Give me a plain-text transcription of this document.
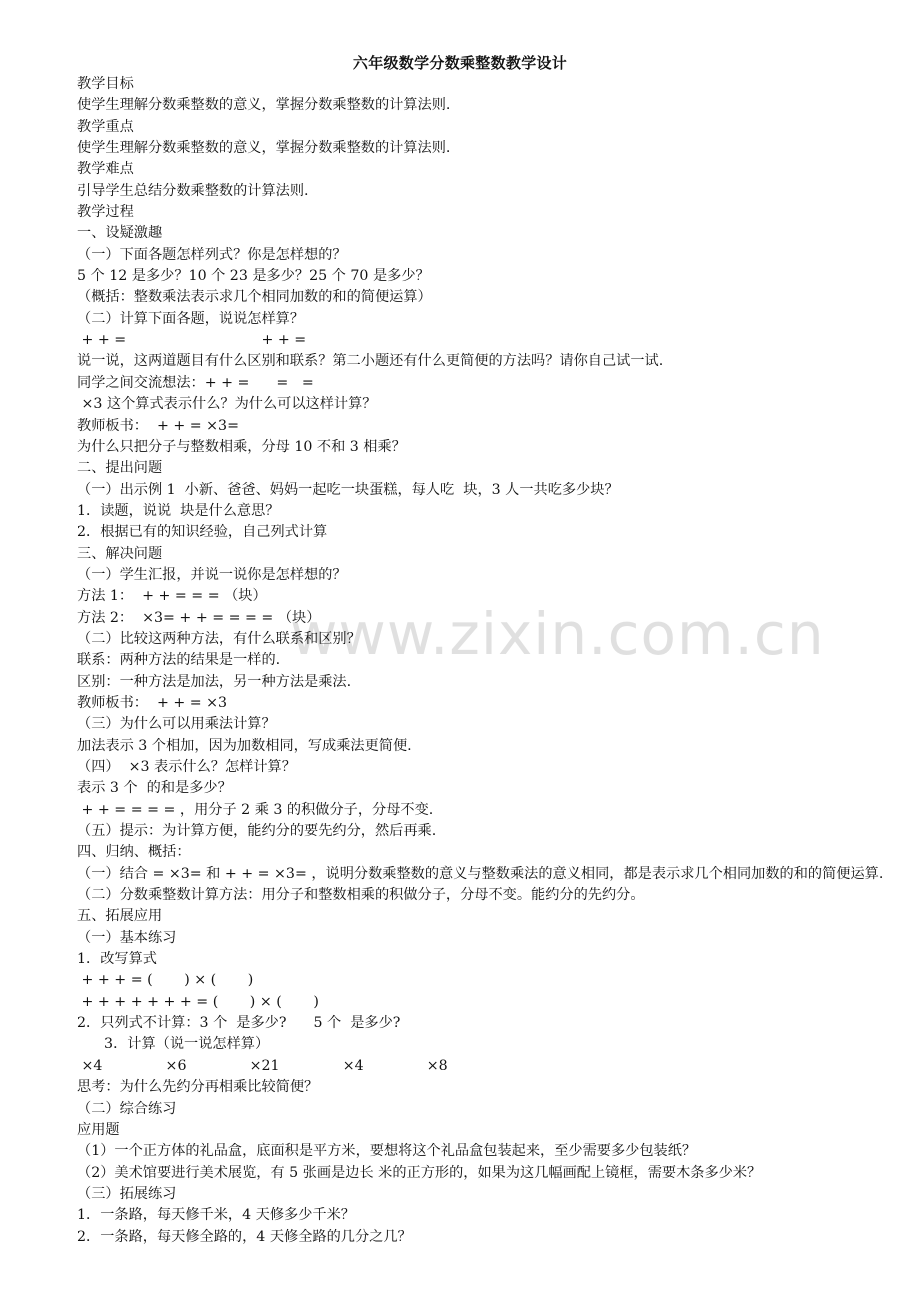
六年级数学分数乘整数教学设计
www.zixin.com.cn
教学目标
使学生理解分数乘整数的意义，掌握分数乘整数的计算法则.
教学重点
使学生理解分数乘整数的意义，掌握分数乘整数的计算法则.
教学难点
引导学生总结分数乘整数的计算法则.
教学过程
一、设疑激趣
（一）下面各题怎样列式？你是怎样想的？
5 个 12 是多少？10 个 23 是多少？25 个 70 是多少？
（概括：整数乘法表示求几个相同加数的和的简便运算）
（二）计算下面各题，说说怎样算？
+ + =                              + + =
说一说，这两道题目有什么区别和联系？第二小题还有什么更简便的方法吗？请你自己试一试.
同学之间交流想法：+ + =      =   =
×3 这个算式表示什么？为什么可以这样计算？
教师板书：  + + = ×3=
为什么只把分子与整数相乘，分母 10 不和 3 相乘？
二、提出问题
（一）出示例 1  小新、爸爸、妈妈一起吃一块蛋糕，每人吃  块，3 人一共吃多少块？
1．读题，说说  块是什么意思？
2．根据已有的知识经验，自己列式计算
三、解决问题
（一）学生汇报，并说一说你是怎样想的？
方法 1：  + + = = = （块）
方法 2：  ×3= + + = = = = （块）
（二）比较这两种方法，有什么联系和区别？
联系：两种方法的结果是一样的.
区别：一种方法是加法，另一种方法是乘法.
教师板书：  + + = ×3
（三）为什么可以用乘法计算？
加法表示 3 个相加，因为加数相同，写成乘法更简便.
（四）  ×3 表示什么？怎样计算？
表示 3 个  的和是多少？
+ + = = = = ，用分子 2 乘 3 的积做分子，分母不变.
（五）提示：为计算方便，能约分的要先约分，然后再乘.
四、归纳、概括：
（一）结合 = ×3= 和 + + = ×3= ，说明分数乘整数的意义与整数乘法的意义相同，都是表示求几个相同加数的和的简便运算.
（二）分数乘整数计算方法：用分子和整数相乘的积做分子，分母不变。能约分的先约分。
五、拓展应用
（一）基本练习
1．改写算式
+ + + = (       ) × (       )
+ + + + + + + = (       ) × (       )
2．只列式不计算：3 个  是多少?      5 个  是多少?
3．计算（说一说怎样算）
×4              ×6              ×21              ×4              ×8
思考：为什么先约分再相乘比较简便？
（二）综合练习
应用题
（1）一个正方体的礼品盒，底面积是平方米，要想将这个礼品盒包装起来，至少需要多少包装纸？
（2）美术馆要进行美术展览，有 5 张画是边长 米的正方形的，如果为这几幅画配上镜框，需要木条多少米？
（三）拓展练习
1．一条路，每天修千米，4 天修多少千米？
2．一条路，每天修全路的，4 天修全路的几分之几？
